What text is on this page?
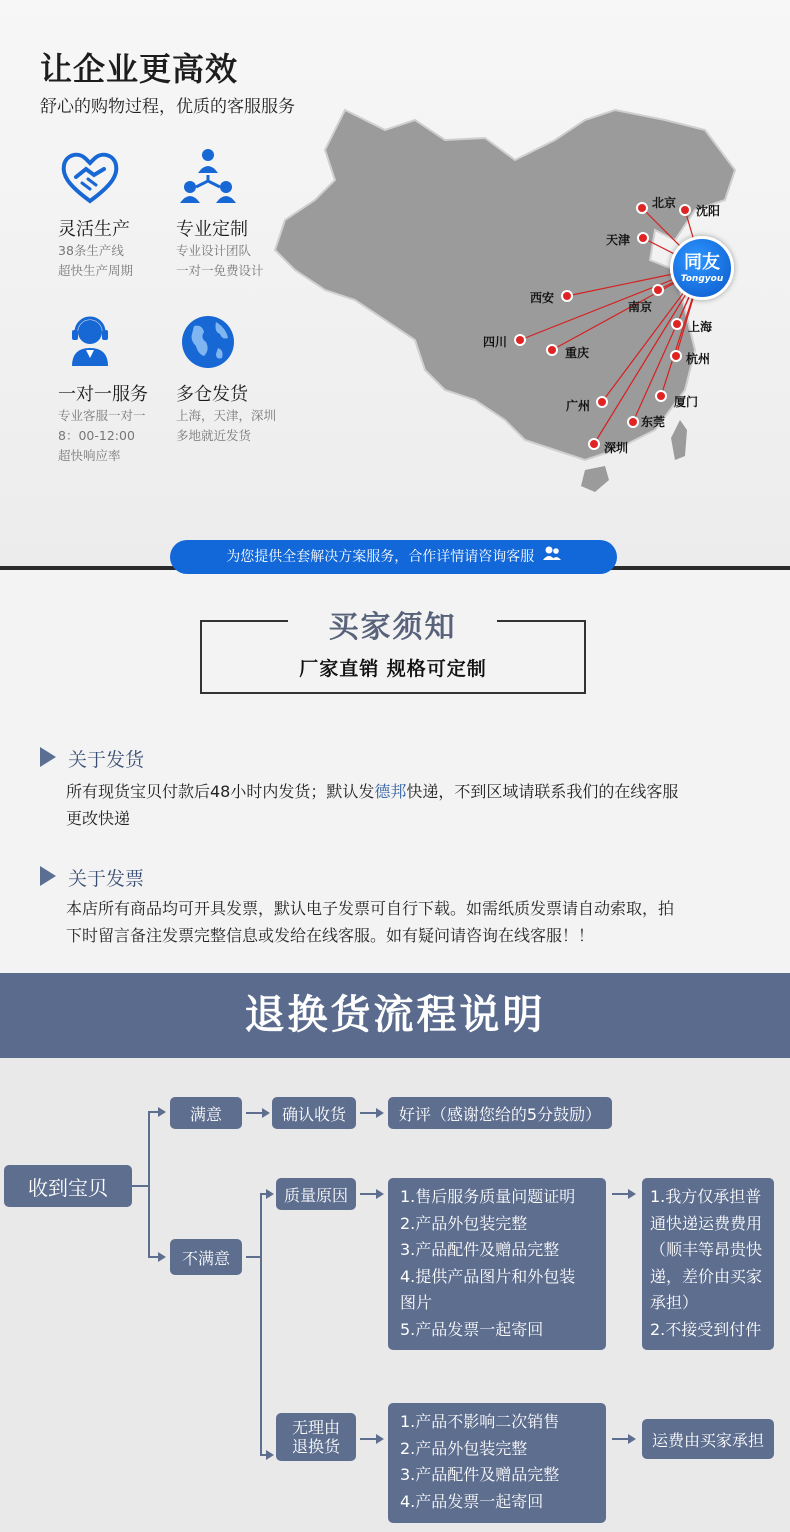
让企业更高效
舒心的购物过程，优质的客服服务
灵活生产
38条生产线
超快生产周期
专业定制
专业设计团队
一对一免费设计
一对一服务
专业客服一对一
8：00-12:00
超快响应率
多仓发货
上海，天津，深圳
多地就近发货
北京
沈阳
天津
西安
南京
上海
四川
重庆	杭州
厦门
广州
东莞
深圳
同友
Tongyou
为您提供全套解决方案服务，合作详情请咨询客服
买家须知
厂家直销 规格可定制
关于发货
所有现货宝贝付款后48小时内发货；默认发德邦快递，不到区域请联系我们的在线客服
更改快递
关于发票
本店所有商品均可开具发票，默认电子发票可自行下载。如需纸质发票请自动索取，拍
下时留言备注发票完整信息或发给在线客服。如有疑问请咨询在线客服！！
退换货流程说明
收到宝贝
满意	确认收货	好评（感谢您给的5分鼓励）
不满意
质量原因	1.售后服务质量问题证明
2.产品外包装完整
3.产品配件及赠品完整
4.提供产品图片和外包装
图片
5.产品发票一起寄回
1.我方仅承担普
通快递运费费用
（顺丰等昂贵快
递，差价由买家
承担）
2.不接受到付件
无理由
退换货
1.产品不影响二次销售
2.产品外包装完整
3.产品配件及赠品完整
4.产品发票一起寄回
运费由买家承担
